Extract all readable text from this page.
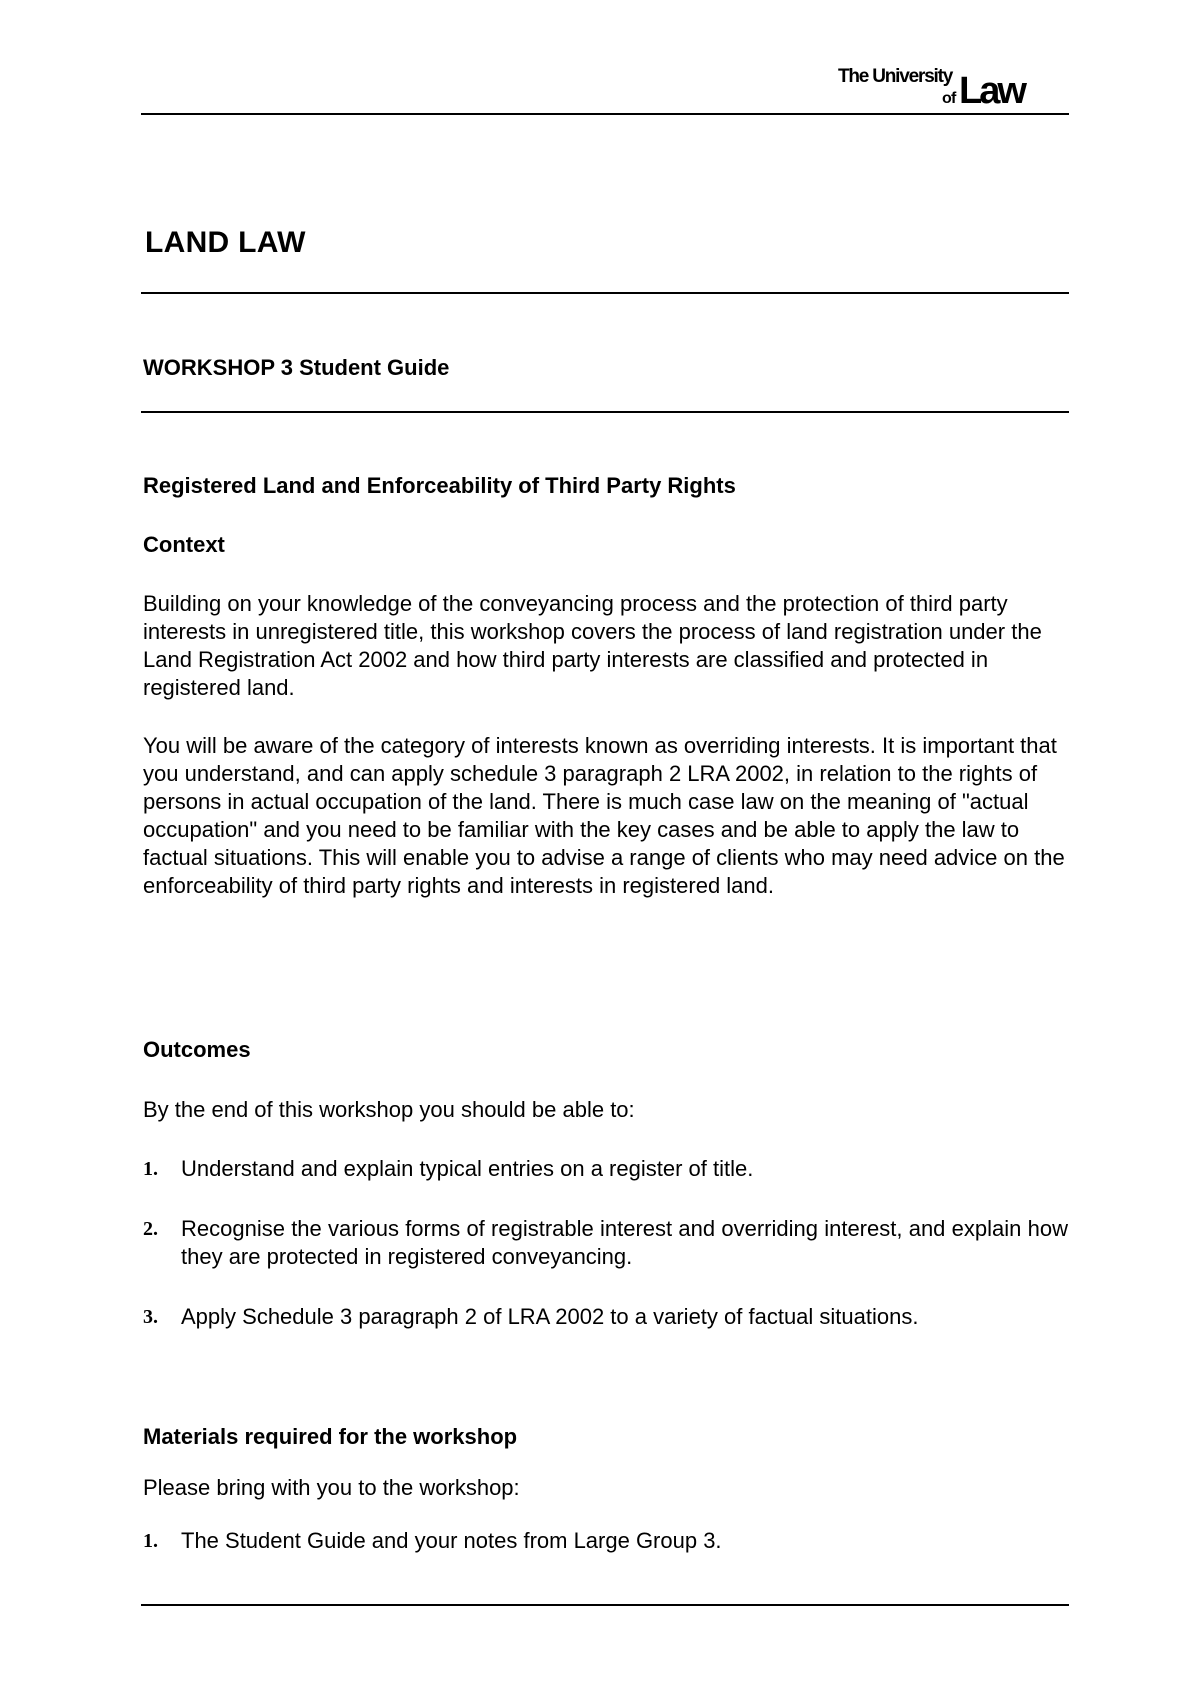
The University
of Law
LAND LAW
WORKSHOP 3 Student Guide
Registered Land and Enforceability of Third Party Rights
Context
Building on your knowledge of the conveyancing process and the protection of third party interests in unregistered title, this workshop covers the process of land registration under the Land Registration Act 2002 and how third party interests are classified and protected in registered land.
You will be aware of the category of interests known as overriding interests. It is important that you understand, and can apply schedule 3 paragraph 2 LRA 2002, in relation to the rights of persons in actual occupation of the land. There is much case law on the meaning of "actual occupation" and you need to be familiar with the key cases and be able to apply the law to factual situations. This will enable you to advise a range of clients who may need advice on the enforceability of third party rights and interests in registered land.
Outcomes
By the end of this workshop you should be able to:
1. Understand and explain typical entries on a register of title.
2. Recognise the various forms of registrable interest and overriding interest, and explain how they are protected in registered conveyancing.
3. Apply Schedule 3 paragraph 2 of LRA 2002 to a variety of factual situations.
Materials required for the workshop
Please bring with you to the workshop:
1. The Student Guide and your notes from Large Group 3.
